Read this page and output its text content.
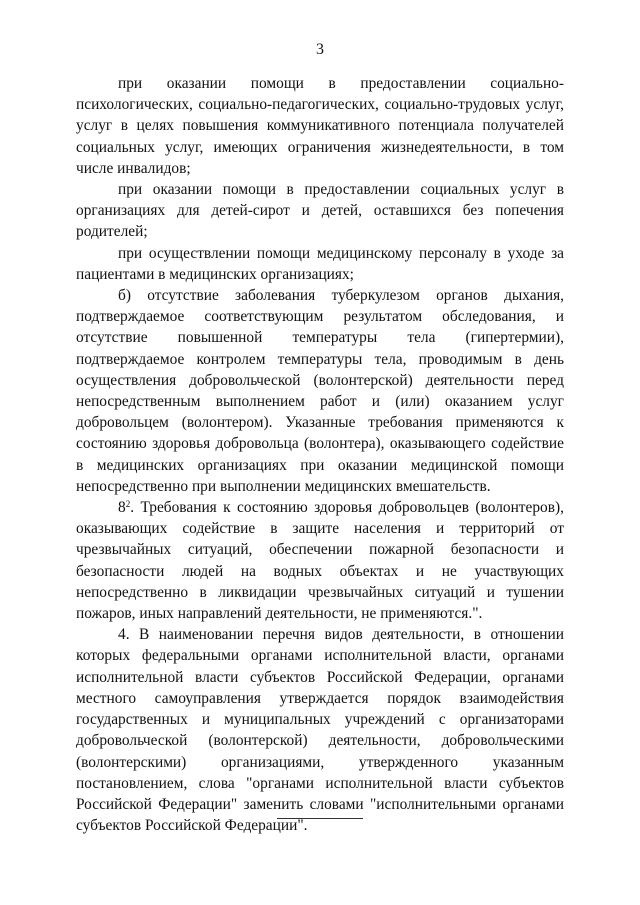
3

при оказании помощи в предоставлении социально-психологических, социально-педагогических, социально-трудовых услуг, услуг в целях повышения коммуникативного потенциала получателей социальных услуг, имеющих ограничения жизнедеятельности, в том числе инвалидов;

при оказании помощи в предоставлении социальных услуг в организациях для детей-сирот и детей, оставшихся без попечения родителей;

при осуществлении помощи медицинскому персоналу в уходе за пациентами в медицинских организациях;

б) отсутствие заболевания туберкулезом органов дыхания, подтверждаемое соответствующим результатом обследования, и отсутствие повышенной температуры тела (гипертермии), подтверждаемое контролем температуры тела, проводимым в день осуществления добровольческой (волонтерской) деятельности перед непосредственным выполнением работ и (или) оказанием услуг добровольцем (волонтером). Указанные требования применяются к состоянию здоровья добровольца (волонтера), оказывающего содействие в медицинских организациях при оказании медицинской помощи непосредственно при выполнении медицинских вмешательств.

$8^2$. Требования к состоянию здоровья добровольцев (волонтеров), оказывающих содействие в защите населения и территорий от чрезвычайных ситуаций, обеспечении пожарной безопасности и безопасности людей на водных объектах и не участвующих непосредственно в ликвидации чрезвычайных ситуаций и тушении пожаров, иных направлений деятельности, не применяются.".

4. В наименовании перечня видов деятельности, в отношении которых федеральными органами исполнительной власти, органами исполнительной власти субъектов Российской Федерации, органами местного самоуправления утверждается порядок взаимодействия государственных и муниципальных учреждений с организаторами добровольческой (волонтерской) деятельности, добровольческими (волонтерскими) организациями, утвержденного указанным постановлением, слова "органами исполнительной власти субъектов Российской Федерации" заменить словами "исполнительными органами субъектов Российской Федерации".
